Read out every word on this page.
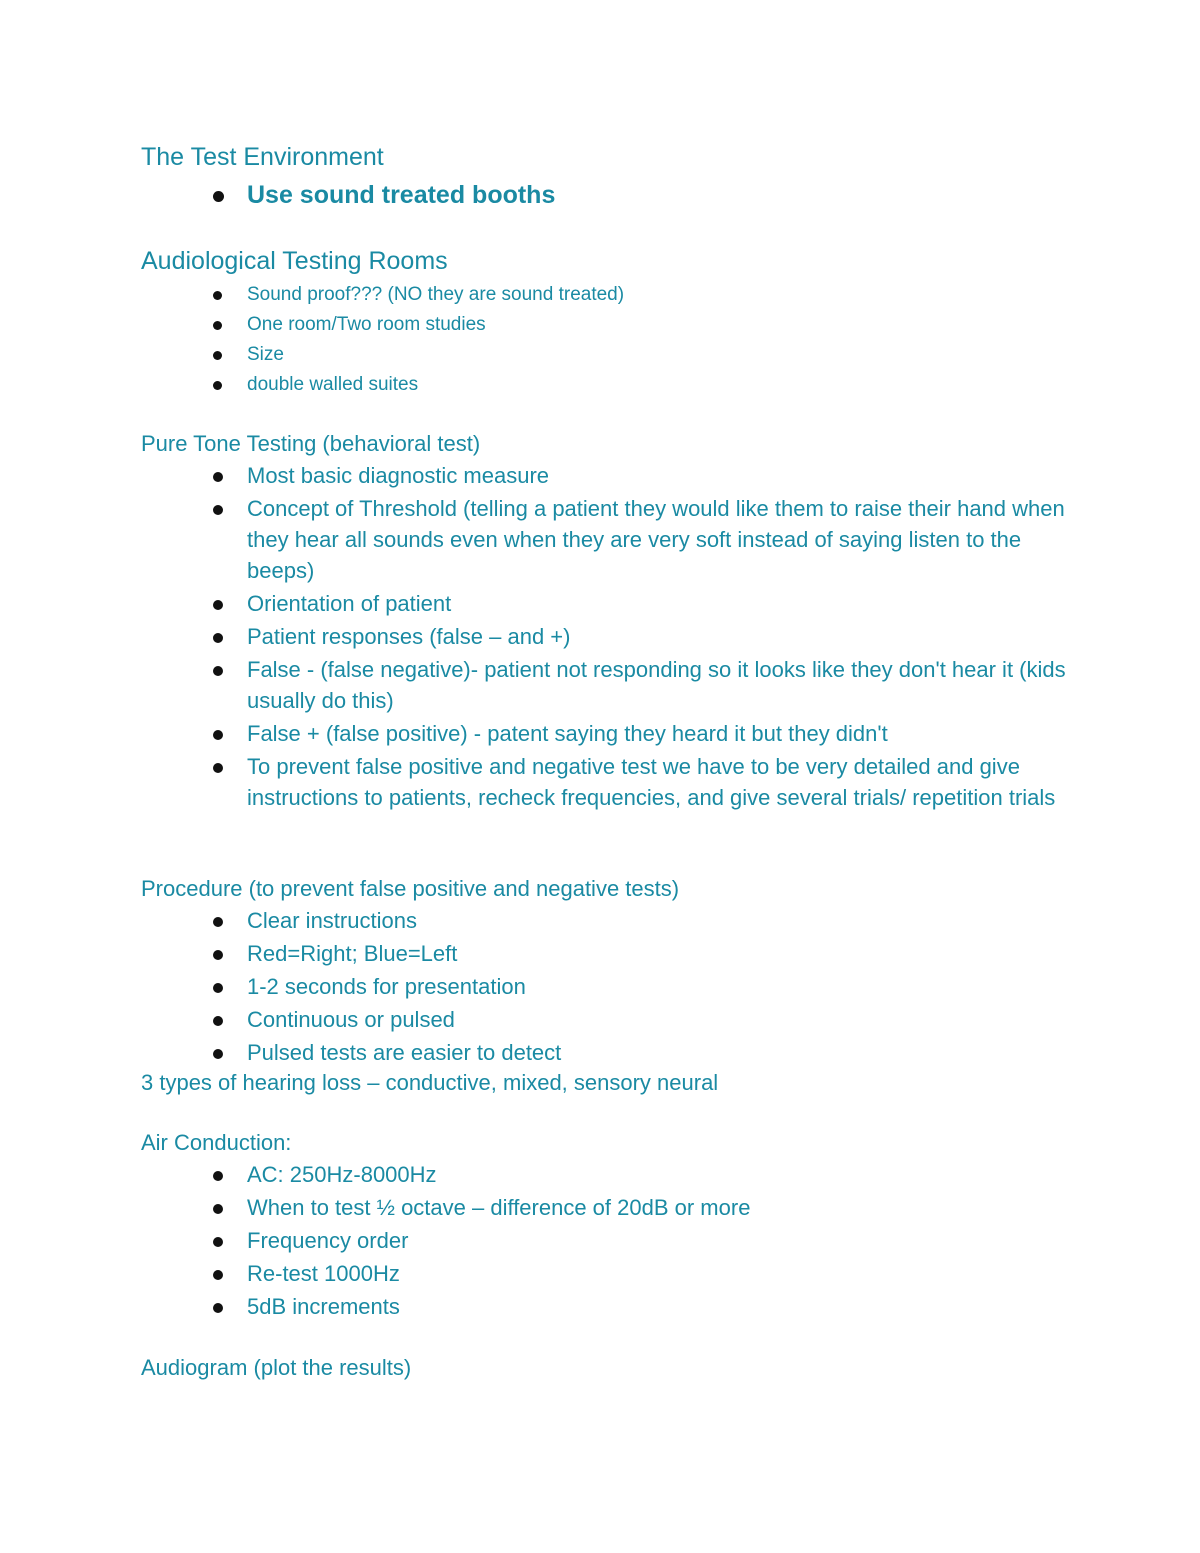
The Test Environment

Use sound treated booths

Audiological Testing Rooms

Sound proof??? (NO they are sound treated)
One room/Two room studies
Size
double walled suites

Pure Tone Testing (behavioral test)

Most basic diagnostic measure
Concept of Threshold (telling a patient they would like them to raise their hand when they hear all sounds even when they are very soft instead of saying listen to the beeps)
Orientation of patient
Patient responses (false – and +)
False - (false negative)- patient not responding so it looks like they don't hear it (kids usually do this)
False + (false positive) - patent saying they heard it but they didn't
To prevent false positive and negative test we have to be very detailed and give instructions to patients, recheck frequencies, and give several trials/ repetition trials

Procedure (to prevent false positive and negative tests)

Clear instructions
Red=Right; Blue=Left
1-2 seconds for presentation
Continuous or pulsed
Pulsed tests are easier to detect

3 types of hearing loss – conductive, mixed, sensory neural

Air Conduction:

AC: 250Hz-8000Hz
When to test ½ octave – difference of 20dB or more
Frequency order
Re-test 1000Hz
5dB increments

Audiogram (plot the results)
